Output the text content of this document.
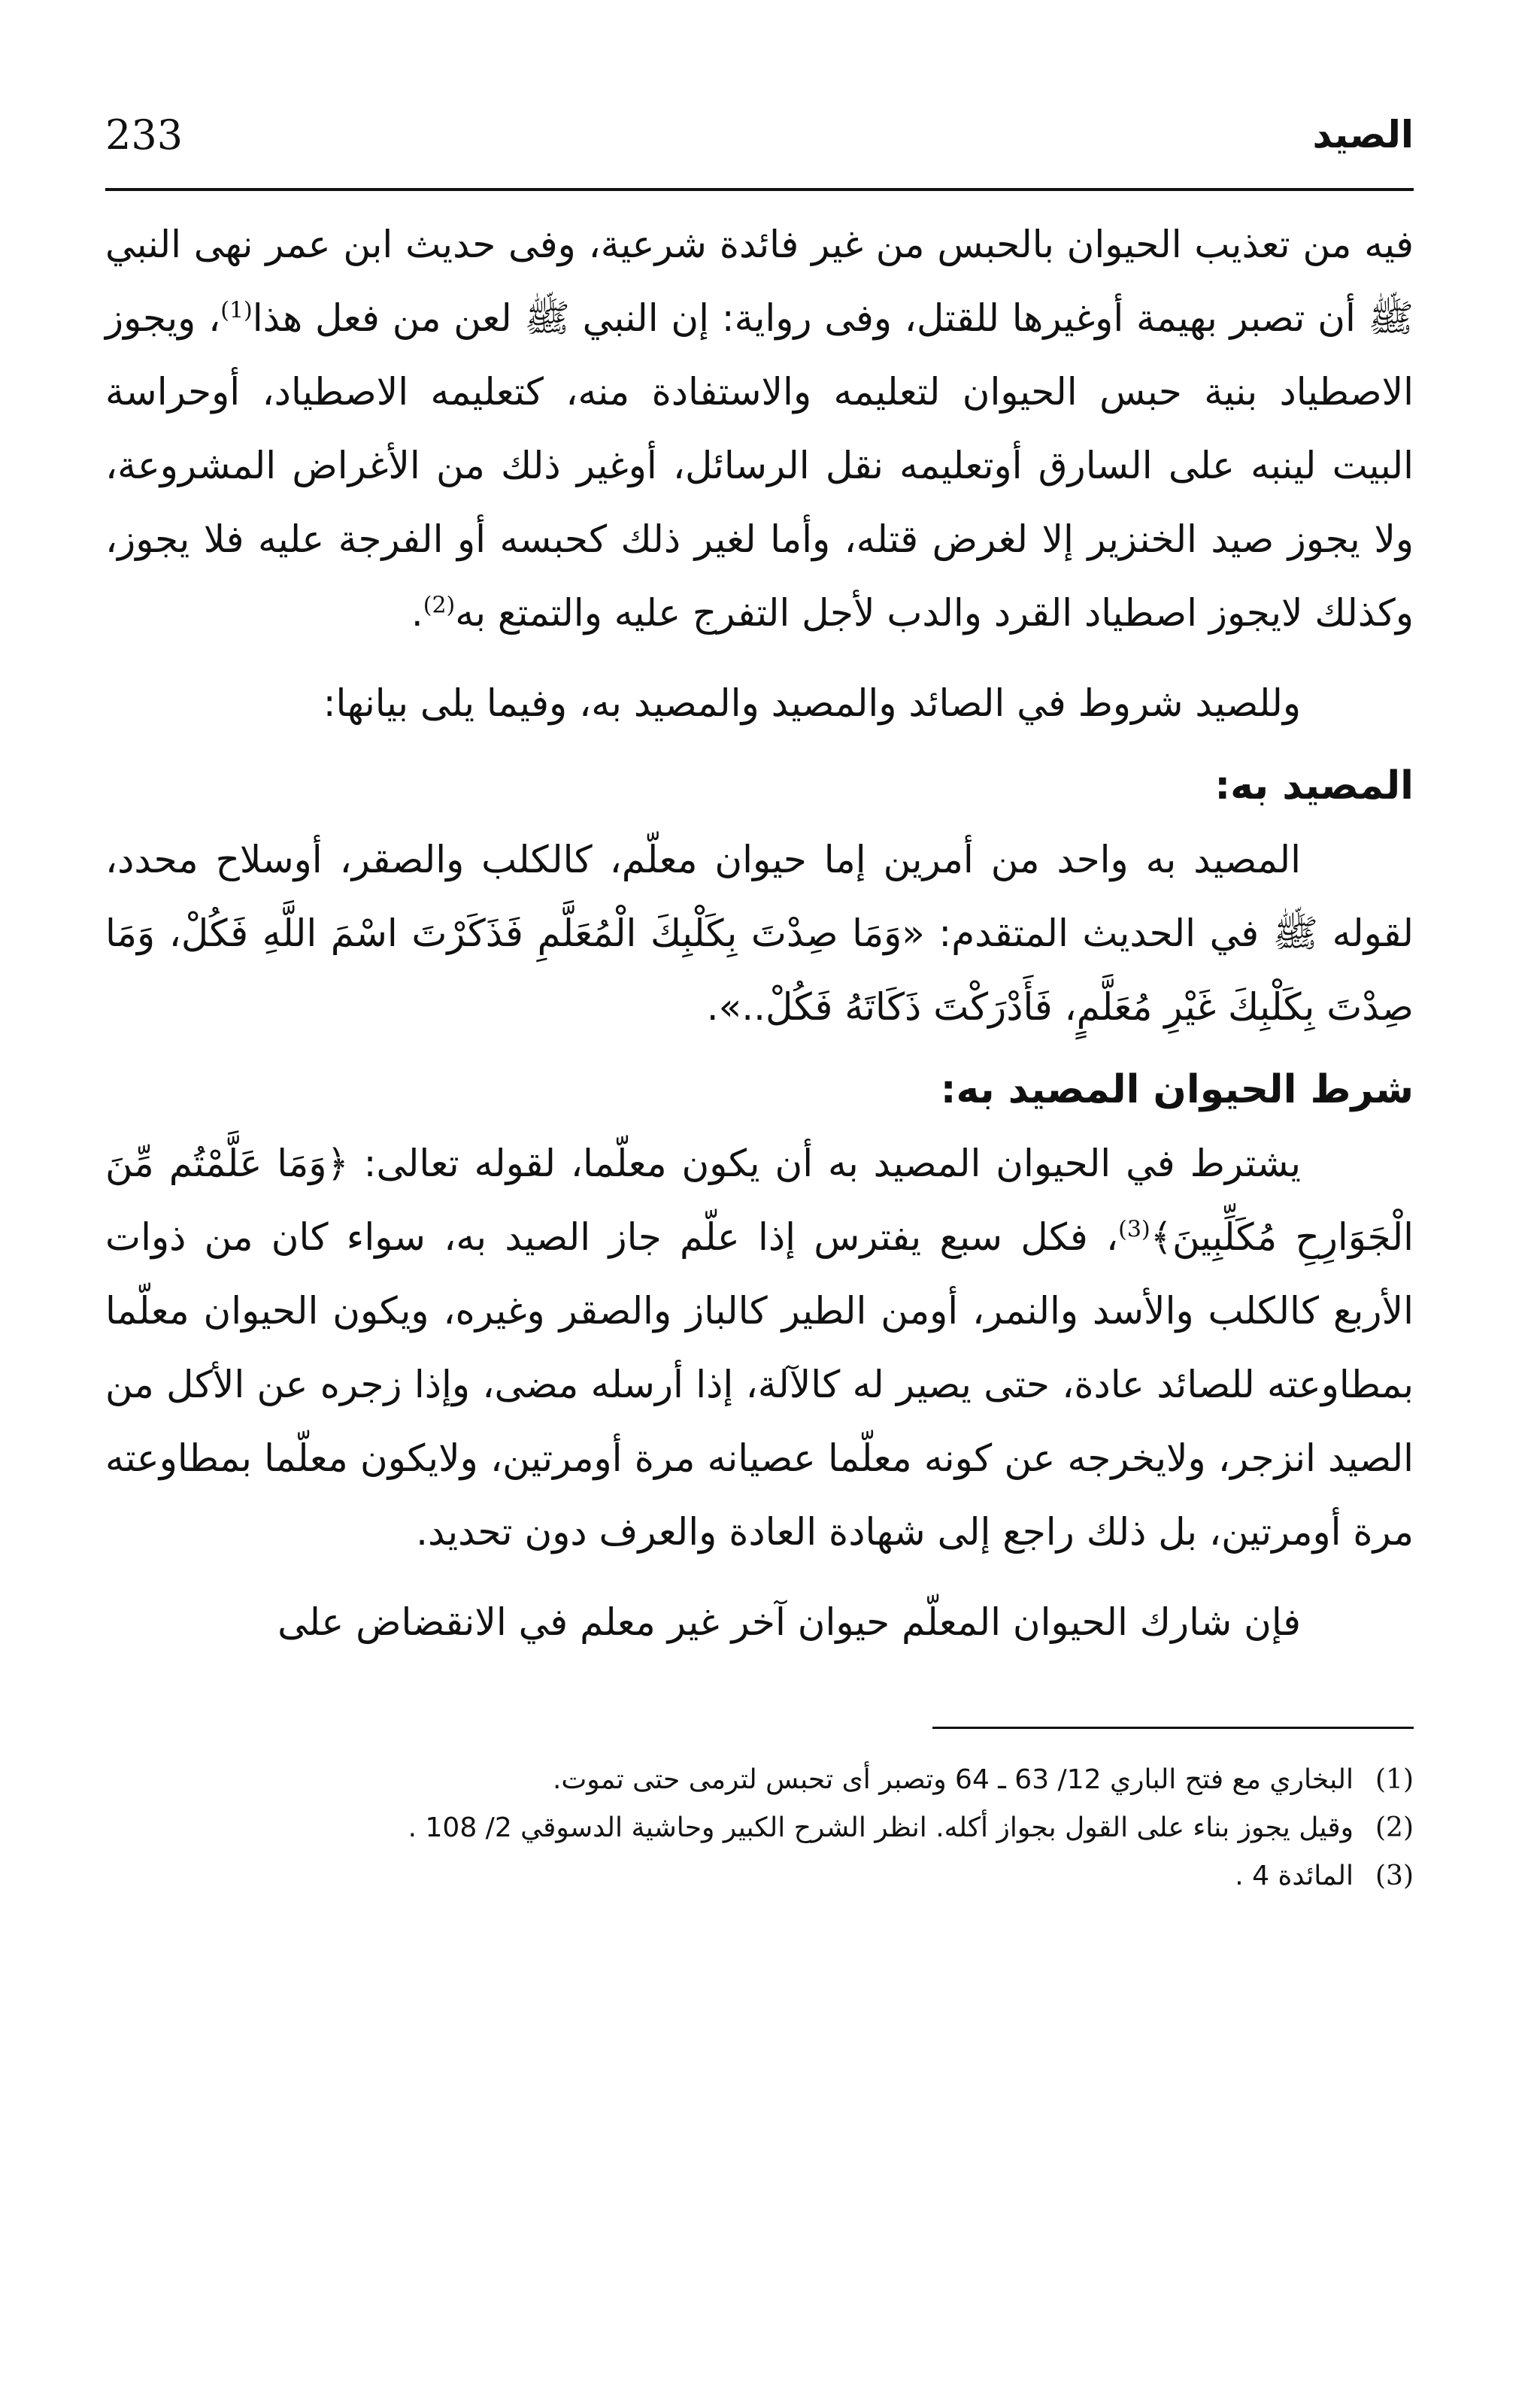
الصيد
233

فيه من تعذيب الحيوان بالحبس من غير فائدة شرعية، وفى حديث ابن عمر نهى النبي ﷺ أن تصبر بهيمة أوغيرها للقتل، وفى رواية: إن النبي ﷺ لعن من فعل هذا$^{(1)}$، ويجوز الاصطياد بنية حبس الحيوان لتعليمه والاستفادة منه، كتعليمه الاصطياد، أوحراسة البيت لينبه على السارق أوتعليمه نقل الرسائل، أوغير ذلك من الأغراض المشروعة، ولا يجوز صيد الخنزير إلا لغرض قتله، وأما لغير ذلك كحبسه أو الفرجة عليه فلا يجوز، وكذلك لايجوز اصطياد القرد والدب لأجل التفرج عليه والتمتع به$^{(2)}$.

وللصيد شروط في الصائد والمصيد والمصيد به، وفيما يلى بيانها:

المصيد به:

المصيد به واحد من أمرين إما حيوان معلّم، كالكلب والصقر، أوسلاح محدد، لقوله ﷺ في الحديث المتقدم: «وَمَا صِدْتَ بِكَلْبِكَ الْمُعَلَّمِ فَذَكَرْتَ اسْمَ اللَّهِ فَكُلْ، وَمَا صِدْتَ بِكَلْبِكَ غَيْرِ مُعَلَّمٍ، فَأَدْرَكْتَ ذَكَاتَهُ فَكُلْ..».

شرط الحيوان المصيد به:

يشترط في الحيوان المصيد به أن يكون معلّما، لقوله تعالى: ﴿وَمَا عَلَّمْتُم مِّنَ الْجَوَارِحِ مُكَلِّبِينَ﴾$^{(3)}$، فكل سبع يفترس إذا علّم جاز الصيد به، سواء كان من ذوات الأربع كالكلب والأسد والنمر، أومن الطير كالباز والصقر وغيره، ويكون الحيوان معلّما بمطاوعته للصائد عادة، حتى يصير له كالآلة، إذا أرسله مضى، وإذا زجره عن الأكل من الصيد انزجر، ولايخرجه عن كونه معلّما عصيانه مرة أومرتين، ولايكون معلّما بمطاوعته مرة أومرتين، بل ذلك راجع إلى شهادة العادة والعرف دون تحديد.

فإن شارك الحيوان المعلّم حيوان آخر غير معلم في الانقضاض على

(1)
البخاري مع فتح الباري 12/ 63 ـ 64 وتصبر أى تحبس لترمى حتى تموت.
(2)
وقيل يجوز بناء على القول بجواز أكله. انظر الشرح الكبير وحاشية الدسوقي 2/ 108 .
(3)
المائدة 4 .
